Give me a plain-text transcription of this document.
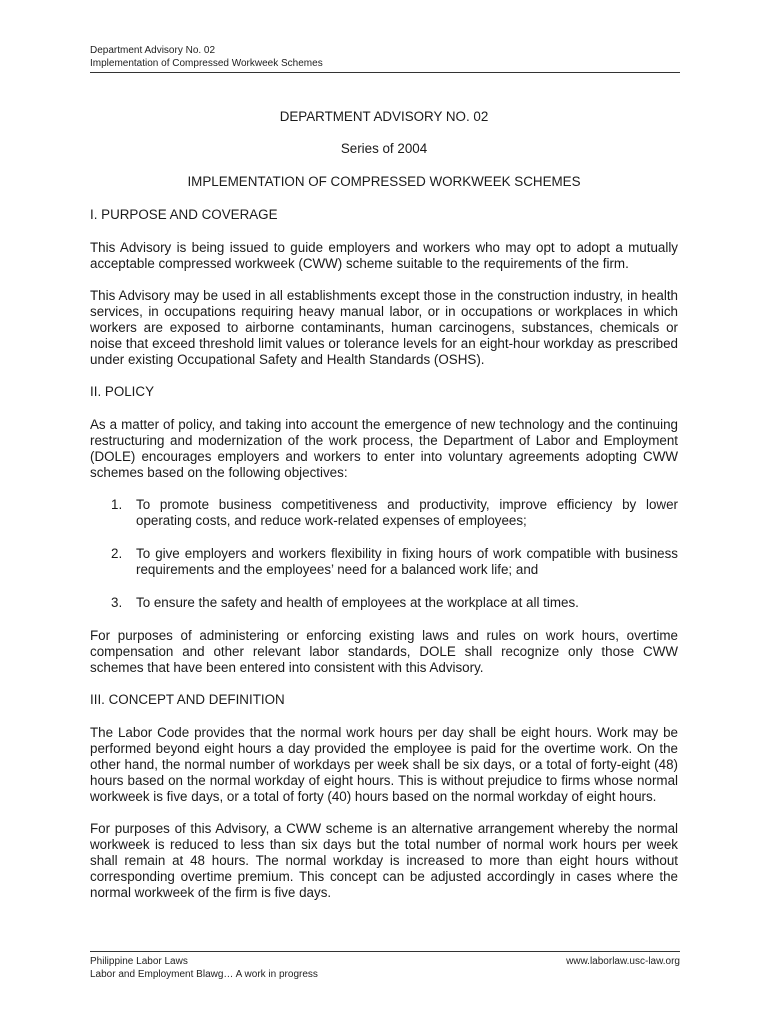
Department Advisory No. 02
Implementation of Compressed Workweek Schemes

DEPARTMENT ADVISORY NO. 02

Series of 2004

IMPLEMENTATION OF COMPRESSED WORKWEEK SCHEMES

I. PURPOSE AND COVERAGE

This Advisory is being issued to guide employers and workers who may opt to adopt a mutually acceptable compressed workweek (CWW) scheme suitable to the requirements of the firm.

This Advisory may be used in all establishments except those in the construction industry, in health services, in occupations requiring heavy manual labor, or in occupations or workplaces in which workers are exposed to airborne contaminants, human carcinogens, substances, chemicals or noise that exceed threshold limit values or tolerance levels for an eight-hour workday as prescribed under existing Occupational Safety and Health Standards (OSHS).

II. POLICY

As a matter of policy, and taking into account the emergence of new technology and the continuing restructuring and modernization of the work process, the Department of Labor and Employment (DOLE) encourages employers and workers to enter into voluntary agreements adopting CWW schemes based on the following objectives:

1. To promote business competitiveness and productivity, improve efficiency by lower operating costs, and reduce work-related expenses of employees;
2. To give employers and workers flexibility in fixing hours of work compatible with business requirements and the employees’ need for a balanced work life; and
3. To ensure the safety and health of employees at the workplace at all times.

For purposes of administering or enforcing existing laws and rules on work hours, overtime compensation and other relevant labor standards, DOLE shall recognize only those CWW schemes that have been entered into consistent with this Advisory.

III. CONCEPT AND DEFINITION

The Labor Code provides that the normal work hours per day shall be eight hours. Work may be performed beyond eight hours a day provided the employee is paid for the overtime work. On the other hand, the normal number of workdays per week shall be six days, or a total of forty-eight (48) hours based on the normal workday of eight hours. This is without prejudice to firms whose normal workweek is five days, or a total of forty (40) hours based on the normal workday of eight hours.

For purposes of this Advisory, a CWW scheme is an alternative arrangement whereby the normal workweek is reduced to less than six days but the total number of normal work hours per week shall remain at 48 hours. The normal workday is increased to more than eight hours without corresponding overtime premium. This concept can be adjusted accordingly in cases where the normal workweek of the firm is five days.

Philippine Labor Laws
Labor and Employment Blawg… A work in progress
www.laborlaw.usc-law.org
